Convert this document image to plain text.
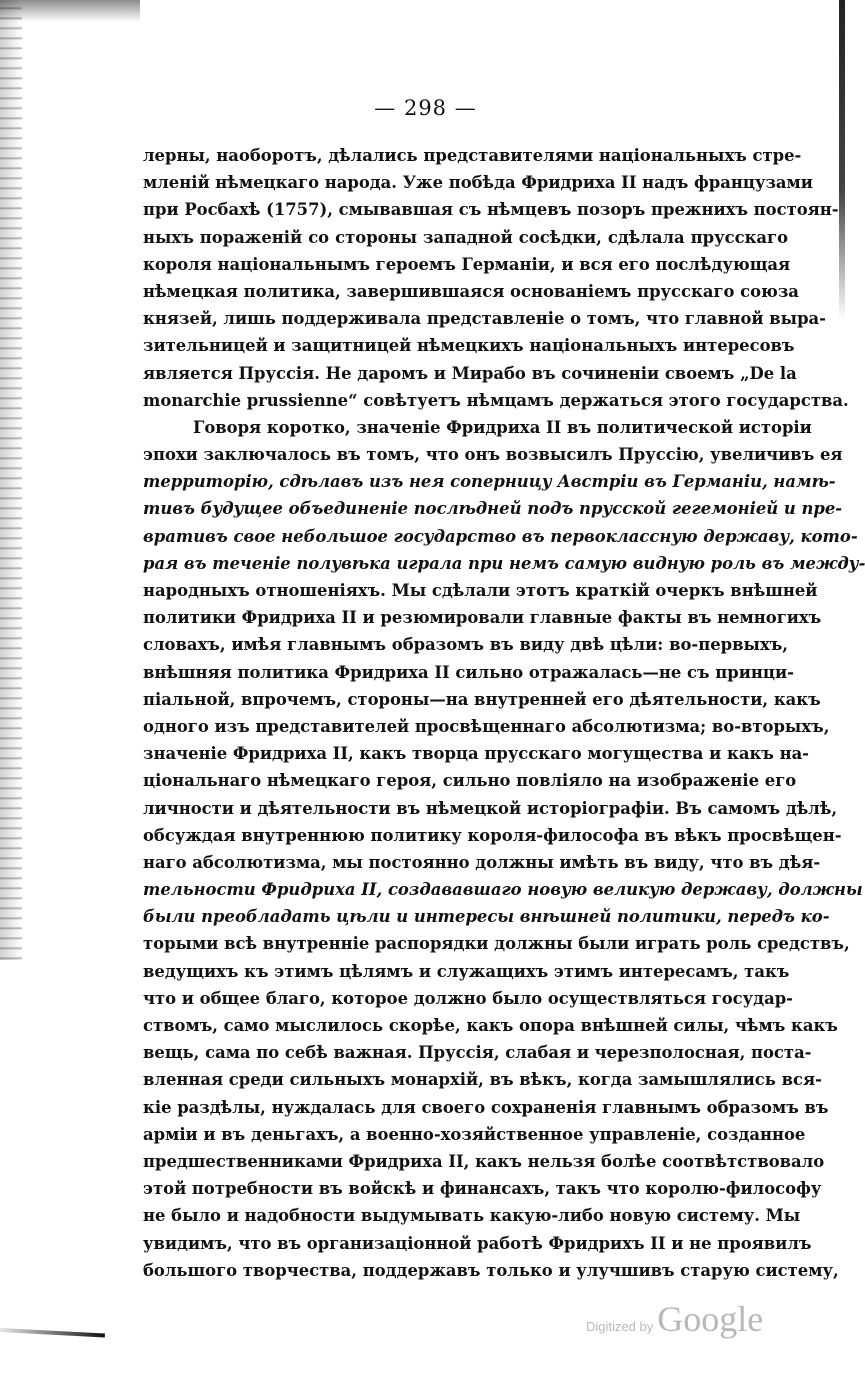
— 298 —
лерны, наоборотъ, дѣлались представителями національныхъ стре-
мленій нѣмецкаго народа. Уже побѣда Фридриха II надъ французами
при Росбахѣ (1757), смывавшая съ нѣмцевъ позоръ прежнихъ постоян-
ныхъ пораженій со стороны западной сосѣдки, сдѣлала прусскаго
короля національнымъ героемъ Германіи, и вся его послѣдующая
нѣмецкая политика, завершившаяся основаніемъ прусскаго союза
князей, лишь поддерживала представленіе о томъ, что главной выра-
зительницей и защитницей нѣмецкихъ національныхъ интересовъ
является Пруссія. Не даромъ и Мирабо въ сочиненіи своемъ „De la
monarchie prussienne“ совѣтуетъ нѣмцамъ держаться этого государства.
Говоря коротко, значеніе Фридриха II въ политической исторіи
эпохи заключалось въ томъ, что онъ возвысилъ Пруссію, увеличивъ ея
территорію, сдѣлавъ изъ нея соперницу Австріи въ Германіи, намѣ-
тивъ будущее объединеніе послѣдней подъ прусской гегемоніей и пре-
вративъ свое небольшое государство въ первоклассную державу, кото-
рая въ теченіе полувѣка играла при немъ самую видную роль въ между-
народныхъ отношеніяхъ. Мы сдѣлали этотъ краткій очеркъ внѣшней
политики Фридриха II и резюмировали главные факты въ немногихъ
словахъ, имѣя главнымъ образомъ въ виду двѣ цѣли: во-первыхъ,
внѣшняя политика Фридриха II сильно отражалась—не съ принци-
піальной, впрочемъ, стороны—на внутренней его дѣятельности, какъ
одного изъ представителей просвѣщеннаго абсолютизма; во-вторыхъ,
значеніе Фридриха II, какъ творца прусскаго могущества и какъ на-
ціональнаго нѣмецкаго героя, сильно повліяло на изображеніе его
личности и дѣятельности въ нѣмецкой исторіографіи. Въ самомъ дѣлѣ,
обсуждая внутреннюю политику короля-философа въ вѣкъ просвѣщен-
наго абсолютизма, мы постоянно должны имѣть въ виду, что въ дѣя-
тельности Фридриха II, создававшаго новую великую державу, должны
были преобладать цѣли и интересы внѣшней политики, передъ ко-
торыми всѣ внутренніе распорядки должны были играть роль средствъ,
ведущихъ къ этимъ цѣлямъ и служащихъ этимъ интересамъ, такъ
что и общее благо, которое должно было осуществляться государ-
ствомъ, само мыслилось скорѣе, какъ опора внѣшней силы, чѣмъ какъ
вещь, сама по себѣ важная. Пруссія, слабая и черезполосная, поста-
вленная среди сильныхъ монархій, въ вѣкъ, когда замышлялись вся-
кіе раздѣлы, нуждалась для своего сохраненія главнымъ образомъ въ
арміи и въ деньгахъ, а военно-хозяйственное управленіе, созданное
предшественниками Фридриха II, какъ нельзя болѣе соотвѣтствовало
этой потребности въ войскѣ и финансахъ, такъ что королю-философу
не было и надобности выдумывать какую-либо новую систему. Мы
увидимъ, что въ организаціонной работѣ Фридрихъ II и не проявилъ
большого творчества, поддержавъ только и улучшивъ старую систему,
Digitized by Google
